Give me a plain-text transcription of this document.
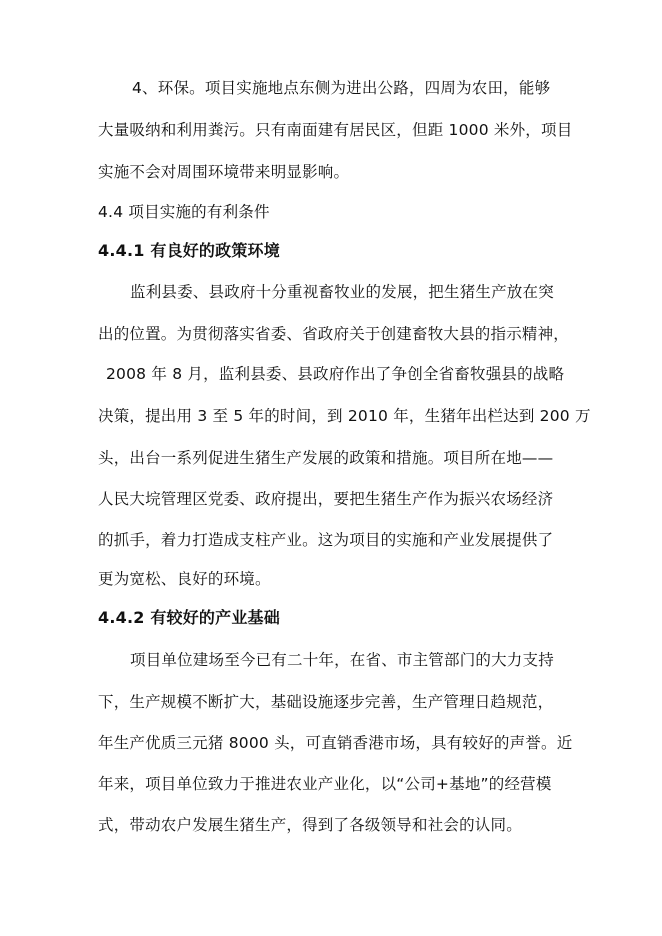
4、环保。项目实施地点东侧为进出公路，四周为农田，能够
大量吸纳和利用粪污。只有南面建有居民区，但距 1000 米外，项目
实施不会对周围环境带来明显影响。
4.4 项目实施的有利条件
4.4.1 有良好的政策环境
监利县委、县政府十分重视畜牧业的发展，把生猪生产放在突
出的位置。为贯彻落实省委、省政府关于创建畜牧大县的指示精神，
2008 年 8 月，监利县委、县政府作出了争创全省畜牧强县的战略
决策，提出用 3 至 5 年的时间，到 2010 年，生猪年出栏达到 200 万
头，出台一系列促进生猪生产发展的政策和措施。项目所在地——
人民大垸管理区党委、政府提出，要把生猪生产作为振兴农场经济
的抓手，着力打造成支柱产业。这为项目的实施和产业发展提供了
更为宽松、良好的环境。
4.4.2 有较好的产业基础
项目单位建场至今已有二十年，在省、市主管部门的大力支持
下，生产规模不断扩大，基础设施逐步完善，生产管理日趋规范，
年生产优质三元猪 8000 头，可直销香港市场，具有较好的声誉。近
年来，项目单位致力于推进农业产业化，以“公司+基地”的经营模
式，带动农户发展生猪生产，得到了各级领导和社会的认同。
